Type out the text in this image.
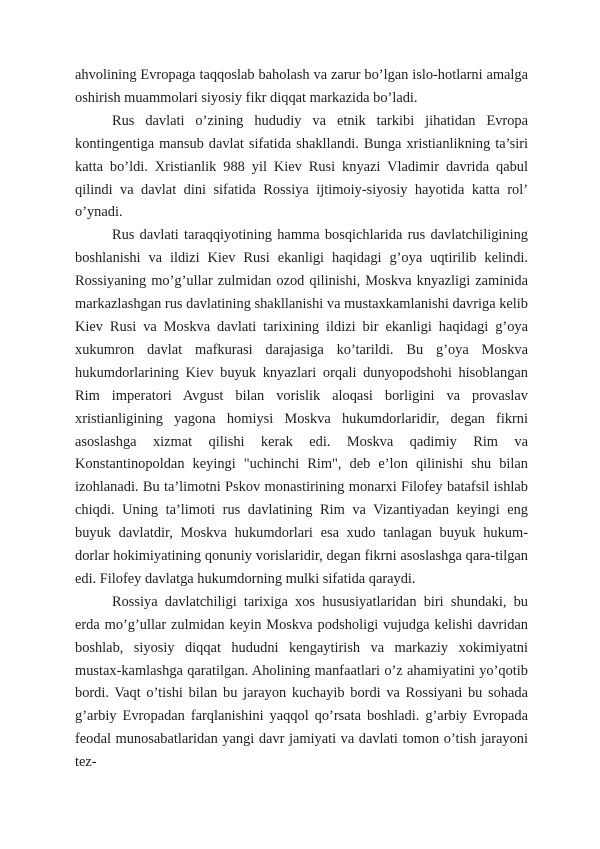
ahvolining Evropaga taqqoslab baholash va zarur bo’lgan islo-hotlarni amalga oshirish muammolari siyosiy fikr diqqat markazida bo’ladi.

Rus davlati o’zining hududiy va etnik tarkibi jihatidan Evropa kontingentiga mansub davlat sifatida shakllandi. Bunga xristianlikning ta’siri katta bo’ldi. Xristianlik 988 yil Kiev Rusi knyazi Vladimir davrida qabul qilindi va davlat dini sifatida Rossiya ijtimoiy-siyosiy hayotida katta rol’ o’ynadi.

Rus davlati taraqqiyotining hamma bosqichlarida rus davlatchiligining boshlanishi va ildizi Kiev Rusi ekanligi haqidagi g’oya uqtirilib kelindi. Rossiyaning mo’g’ullar zulmidan ozod qilinishi, Moskva knyazligi zaminida markazlashgan rus davlatining shakllanishi va mustaxkamlanishi davriga kelib Kiev Rusi va Moskva davlati tarixining ildizi bir ekanligi haqidagi g’oya xukumron davlat mafkurasi darajasiga ko’tarildi. Bu g’oya Moskva hukumdorlarining Kiev buyuk knyazlari orqali dunyopodshohi hisoblangan Rim imperatori Avgust bilan vorislik aloqasi borligini va provaslav xristianligining yagona homiysi Moskva hukumdorlaridir, degan fikrni asoslashga xizmat qilishi kerak edi. Moskva qadimiy Rim va Konstantinopoldan keyingi "uchinchi Rim", deb e’lon qilinishi shu bilan izohlanadi. Bu ta’limotni Pskov monastirining monarxi Filofey batafsil ishlab chiqdi. Uning ta’limoti rus davlatining Rim va Vizantiyadan keyingi eng buyuk davlatdir, Moskva hukumdorlari esa xudo tanlagan buyuk hukum-dorlar hokimiyatining qonuniy vorislaridir, degan fikrni asoslashga qara-tilgan edi. Filofey davlatga hukumdorning mulki sifatida qaraydi.

Rossiya davlatchiligi tarixiga xos hususiyatlaridan biri shundaki, bu erda mo’g’ullar zulmidan keyin Moskva podsholigi vujudga kelishi davridan boshlab, siyosiy diqqat hududni kengaytirish va markaziy xokimiyatni mustax-kamlashga qaratilgan. Aholining manfaatlari o’z ahamiyatini yo’qotib bordi. Vaqt o’tishi bilan bu jarayon kuchayib bordi va Rossiyani bu sohada g’arbiy Evropadan farqlanishini yaqqol qo’rsata boshladi. g’arbiy Evropada feodal munosabatlaridan yangi davr jamiyati va davlati tomon o’tish jarayoni tez-
